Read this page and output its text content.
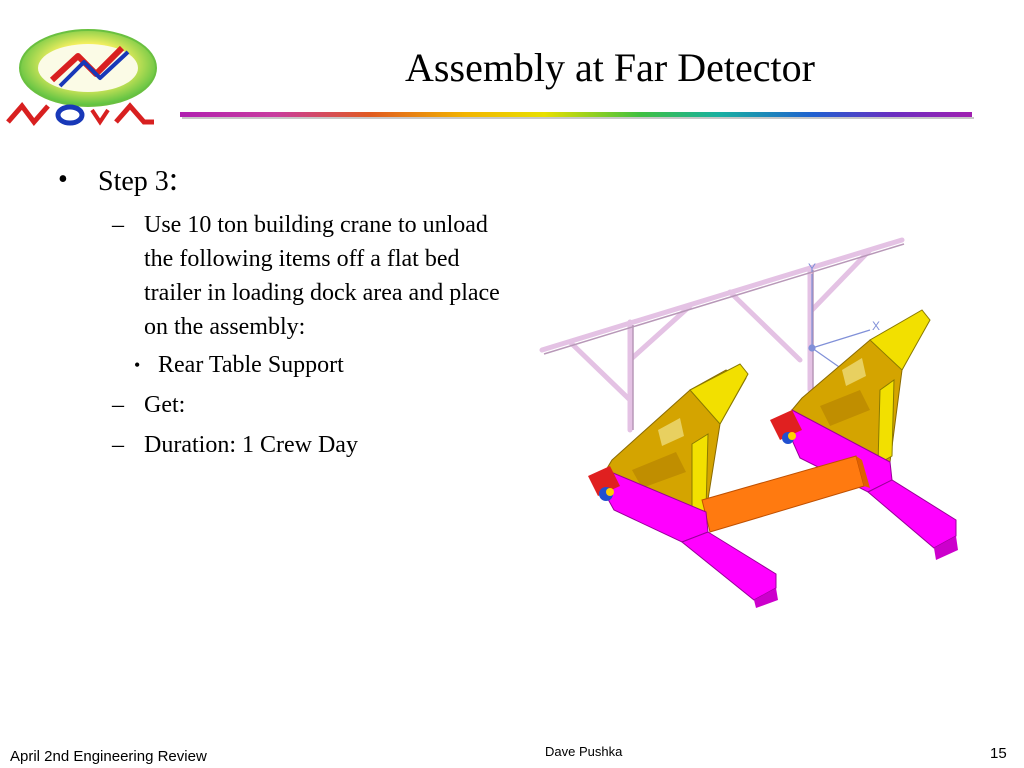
Assembly at Far Detector
• Step 3:
– Use 10 ton building crane to unload the following items off a flat bed trailer in loading dock area and place on the assembly:
• Rear Table Support
– Get:
– Duration: 1 Crew Day
Y
X
April 2nd Engineering Review	Dave Pushka	15
